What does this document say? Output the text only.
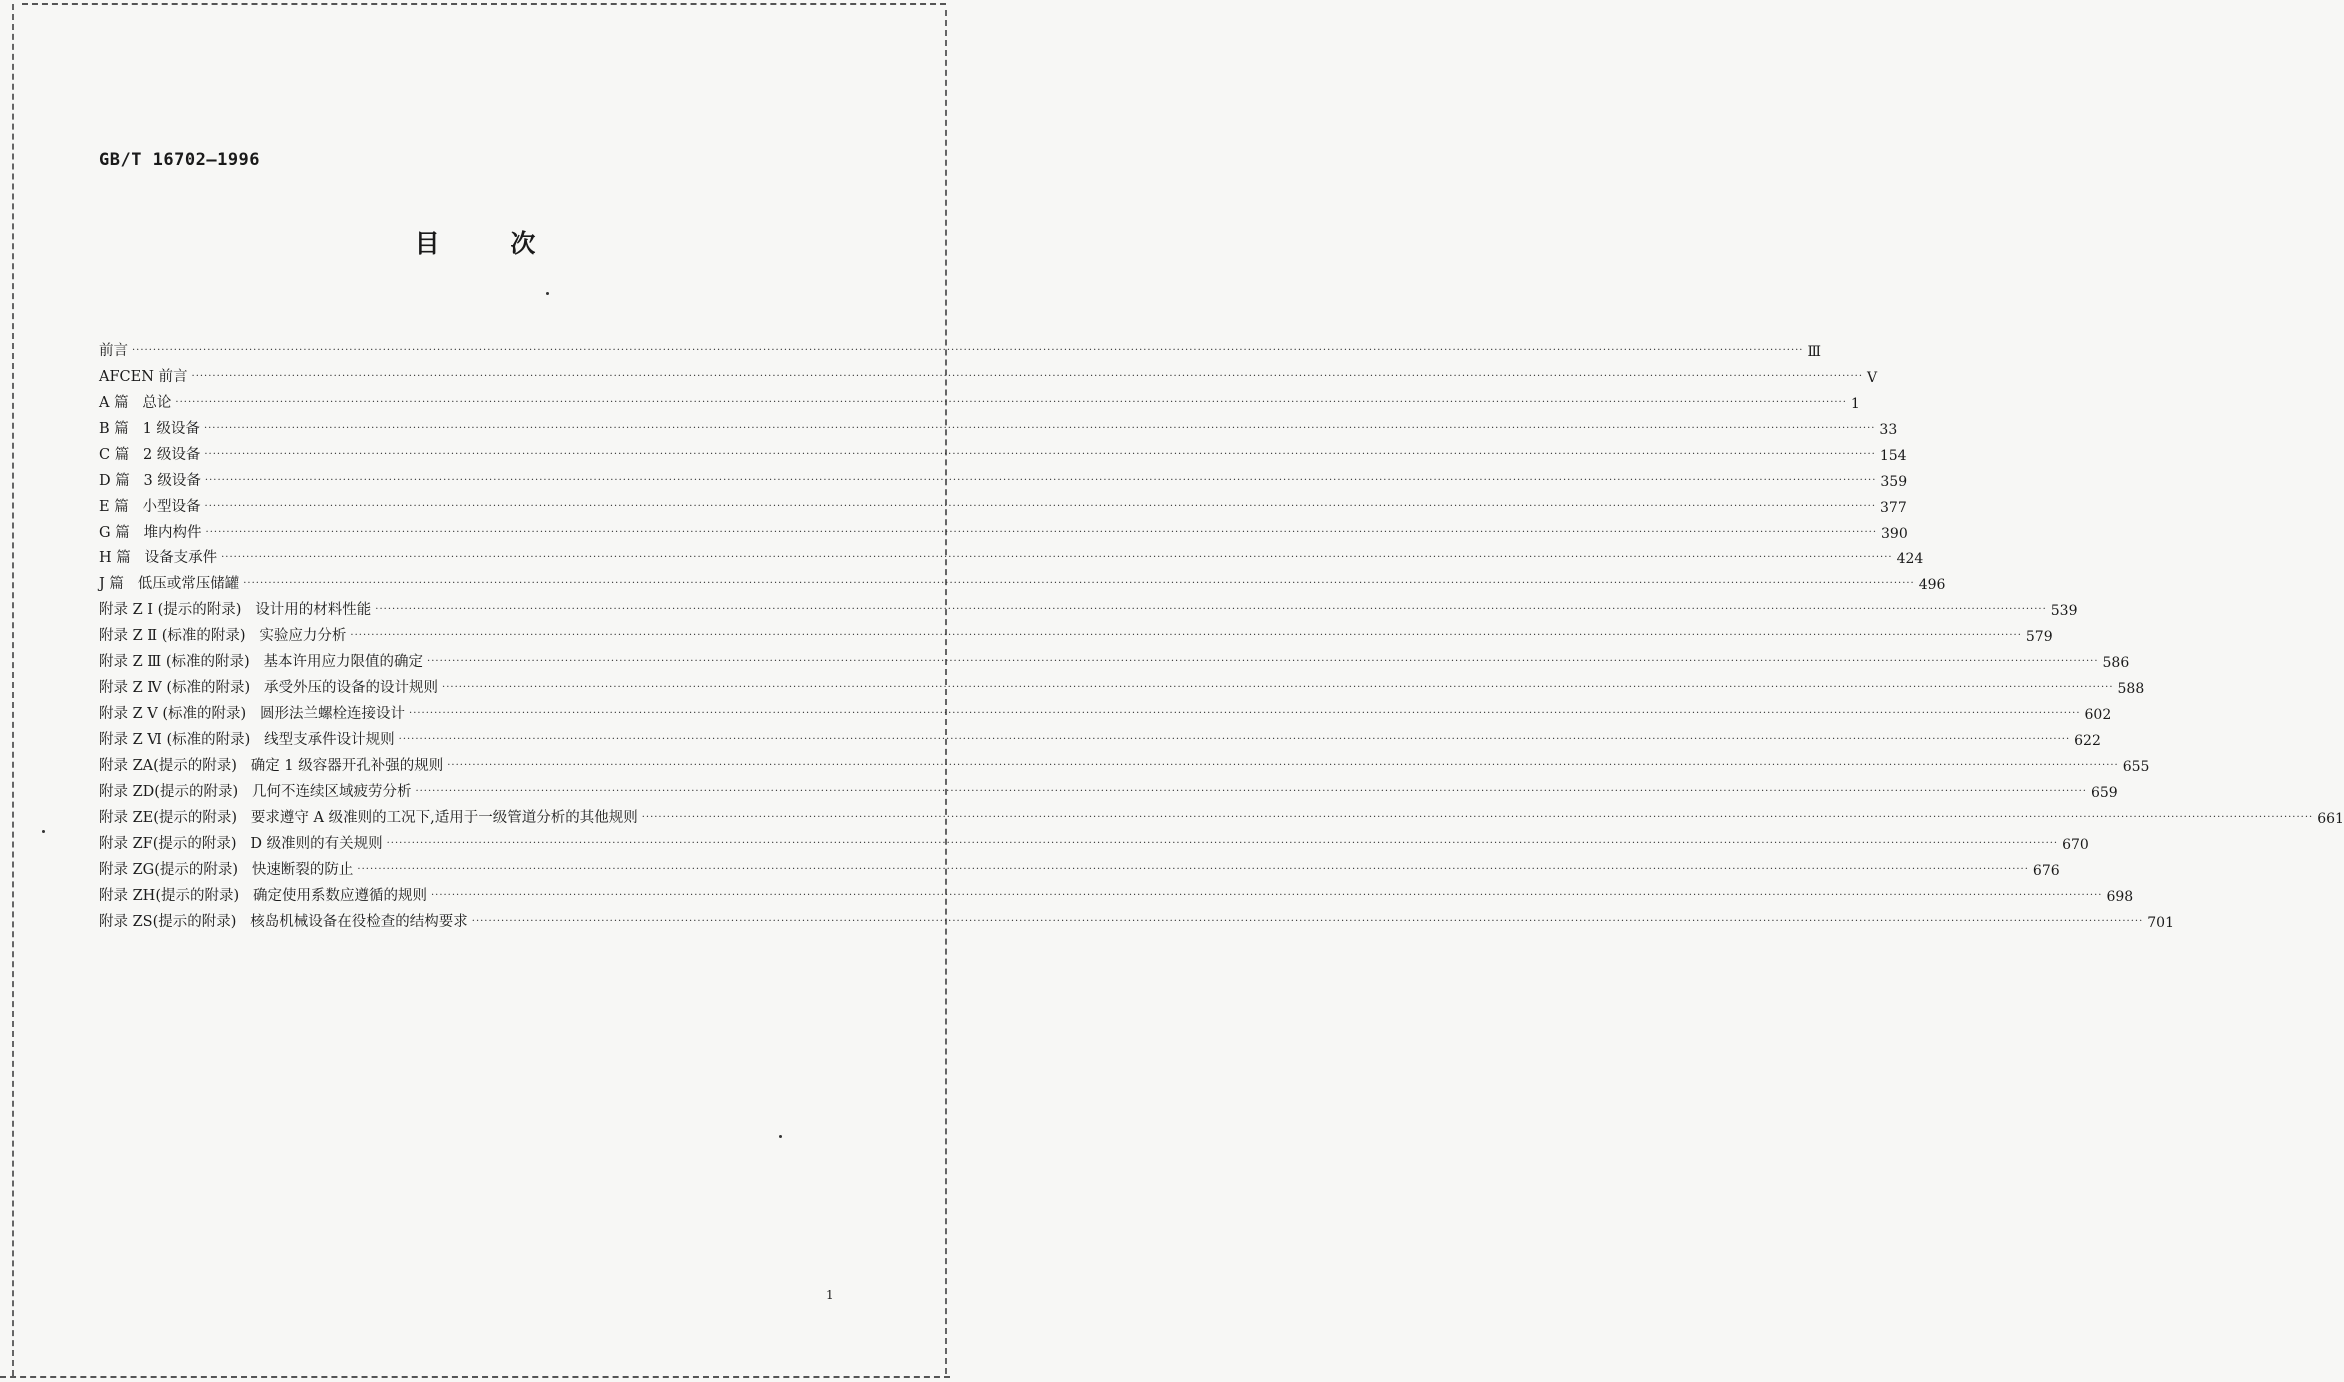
GB/T 16702—1996
目 次
前言 ················································································································································································································································································································································································································ Ⅲ
AFCEN 前言 ················································································································································································································································································································································································································ V
A 篇   总论 ················································································································································································································································································································································································································ 1
B 篇   1 级设备 ················································································································································································································································································································································································································ 33
C 篇   2 级设备 ················································································································································································································································································································································································································ 154
D 篇   3 级设备 ················································································································································································································································································································································································································ 359
E 篇   小型设备 ················································································································································································································································································································································································································ 377
G 篇   堆内构件 ················································································································································································································································································································································································································ 390
H 篇   设备支承件 ················································································································································································································································································································································································································ 424
J 篇   低压或常压储罐 ················································································································································································································································································································································································································ 496
附录 Z Ⅰ (提示的附录)   设计用的材料性能 ················································································································································································································································································································································································································ 539
附录 Z Ⅱ (标准的附录)   实验应力分析 ················································································································································································································································································································································································································ 579
附录 Z Ⅲ (标准的附录)   基本许用应力限值的确定 ················································································································································································································································································································································································································ 586
附录 Z Ⅳ (标准的附录)   承受外压的设备的设计规则 ················································································································································································································································································································································································································ 588
附录 Z Ⅴ (标准的附录)   圆形法兰螺栓连接设计 ················································································································································································································································································································································································································ 602
附录 Z Ⅵ (标准的附录)   线型支承件设计规则 ················································································································································································································································································································································································································ 622
附录 ZA(提示的附录)   确定 1 级容器开孔补强的规则 ················································································································································································································································································································································································································ 655
附录 ZD(提示的附录)   几何不连续区域疲劳分析 ················································································································································································································································································································································································································ 659
附录 ZE(提示的附录)   要求遵守 A 级准则的工况下,适用于一级管道分析的其他规则 ················································································································································································································································································································································································································ 661
附录 ZF(提示的附录)   D 级准则的有关规则 ················································································································································································································································································································································································································ 670
附录 ZG(提示的附录)   快速断裂的防止 ················································································································································································································································································································································································································ 676
附录 ZH(提示的附录)   确定使用系数应遵循的规则 ················································································································································································································································································································································································································ 698
附录 ZS(提示的附录)   核岛机械设备在役检查的结构要求 ················································································································································································································································································································································································································ 701
1
